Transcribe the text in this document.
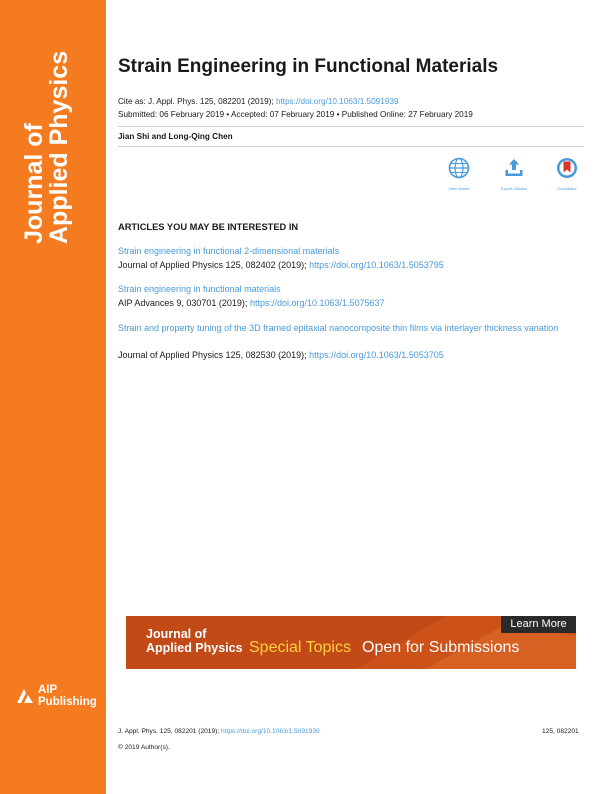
Journal of
Applied Physics
AIP
Publishing
Strain Engineering in Functional Materials
Cite as: J. Appl. Phys. 125, 082201 (2019); https://doi.org/10.1063/1.5091939
Submitted: 06 February 2019 • Accepted: 07 February 2019 • Published Online: 27 February 2019
Jian Shi and Long-Qing Chen
View Online	Export Citation	CrossMark
ARTICLES YOU MAY BE INTERESTED IN
Strain engineering in functional 2-dimensional materials
Journal of Applied Physics 125, 082402 (2019); https://doi.org/10.1063/1.5053795
Strain engineering in functional materials
AIP Advances 9, 030701 (2019); https://doi.org/10.1063/1.5075637
Strain and property tuning of the 3D framed epitaxial nanocomposite thin films via interlayer thickness variation
Journal of Applied Physics 125, 082530 (2019); https://doi.org/10.1063/1.5053705
Journal of
Applied Physics Special Topics Open for Submissions
Learn More
J. Appl. Phys. 125, 082201 (2019); https://doi.org/10.1063/1.5091939	125, 082201
© 2019 Author(s).
